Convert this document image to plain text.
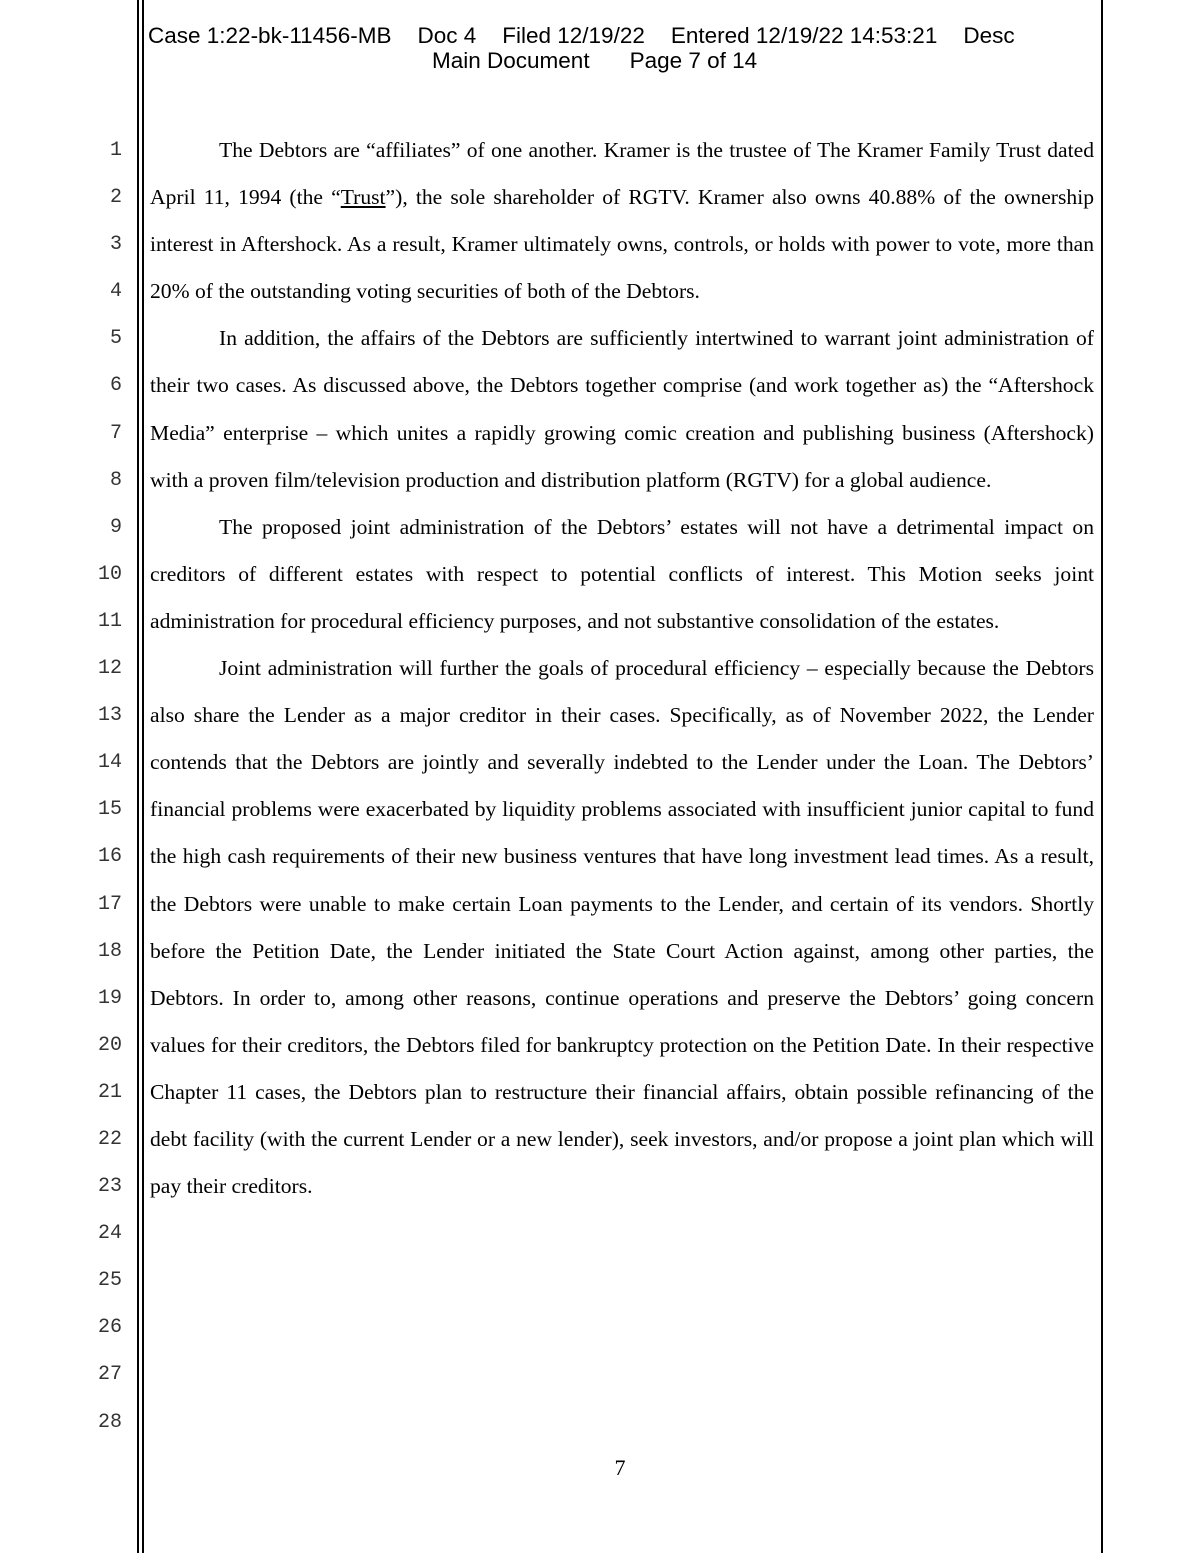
Case 1:22-bk-11456-MB Doc 4 Filed 12/19/22 Entered 12/19/22 14:53:21 Desc
Main Document Page 7 of 14
1
2
3
4
5
6
7
8
9
10
11
12
13
14
15
16
17
18
19
20
21
22
23
24
25
26
27
28

The Debtors are “affiliates” of one another. Kramer is the trustee of The Kramer Family Trust dated April 11, 1994 (the “Trust”), the sole shareholder of RGTV. Kramer also owns 40.88% of the ownership interest in Aftershock. As a result, Kramer ultimately owns, controls, or holds with power to vote, more than 20% of the outstanding voting securities of both of the Debtors.

In addition, the affairs of the Debtors are sufficiently intertwined to warrant joint administration of their two cases. As discussed above, the Debtors together comprise (and work together as) the “Aftershock Media” enterprise – which unites a rapidly growing comic creation and publishing business (Aftershock) with a proven film/television production and distribution platform (RGTV) for a global audience.

The proposed joint administration of the Debtors’ estates will not have a detrimental impact on creditors of different estates with respect to potential conflicts of interest. This Motion seeks joint administration for procedural efficiency purposes, and not substantive consolidation of the estates.

Joint administration will further the goals of procedural efficiency – especially because the Debtors also share the Lender as a major creditor in their cases. Specifically, as of November 2022, the Lender contends that the Debtors are jointly and severally indebted to the Lender under the Loan. The Debtors’ financial problems were exacerbated by liquidity problems associated with insufficient junior capital to fund the high cash requirements of their new business ventures that have long investment lead times. As a result, the Debtors were unable to make certain Loan payments to the Lender, and certain of its vendors. Shortly before the Petition Date, the Lender initiated the State Court Action against, among other parties, the Debtors. In order to, among other reasons, continue operations and preserve the Debtors’ going concern values for their creditors, the Debtors filed for bankruptcy protection on the Petition Date. In their respective Chapter 11 cases, the Debtors plan to restructure their financial affairs, obtain possible refinancing of the debt facility (with the current Lender or a new lender), seek investors, and/or propose a joint plan which will pay their creditors.

7
